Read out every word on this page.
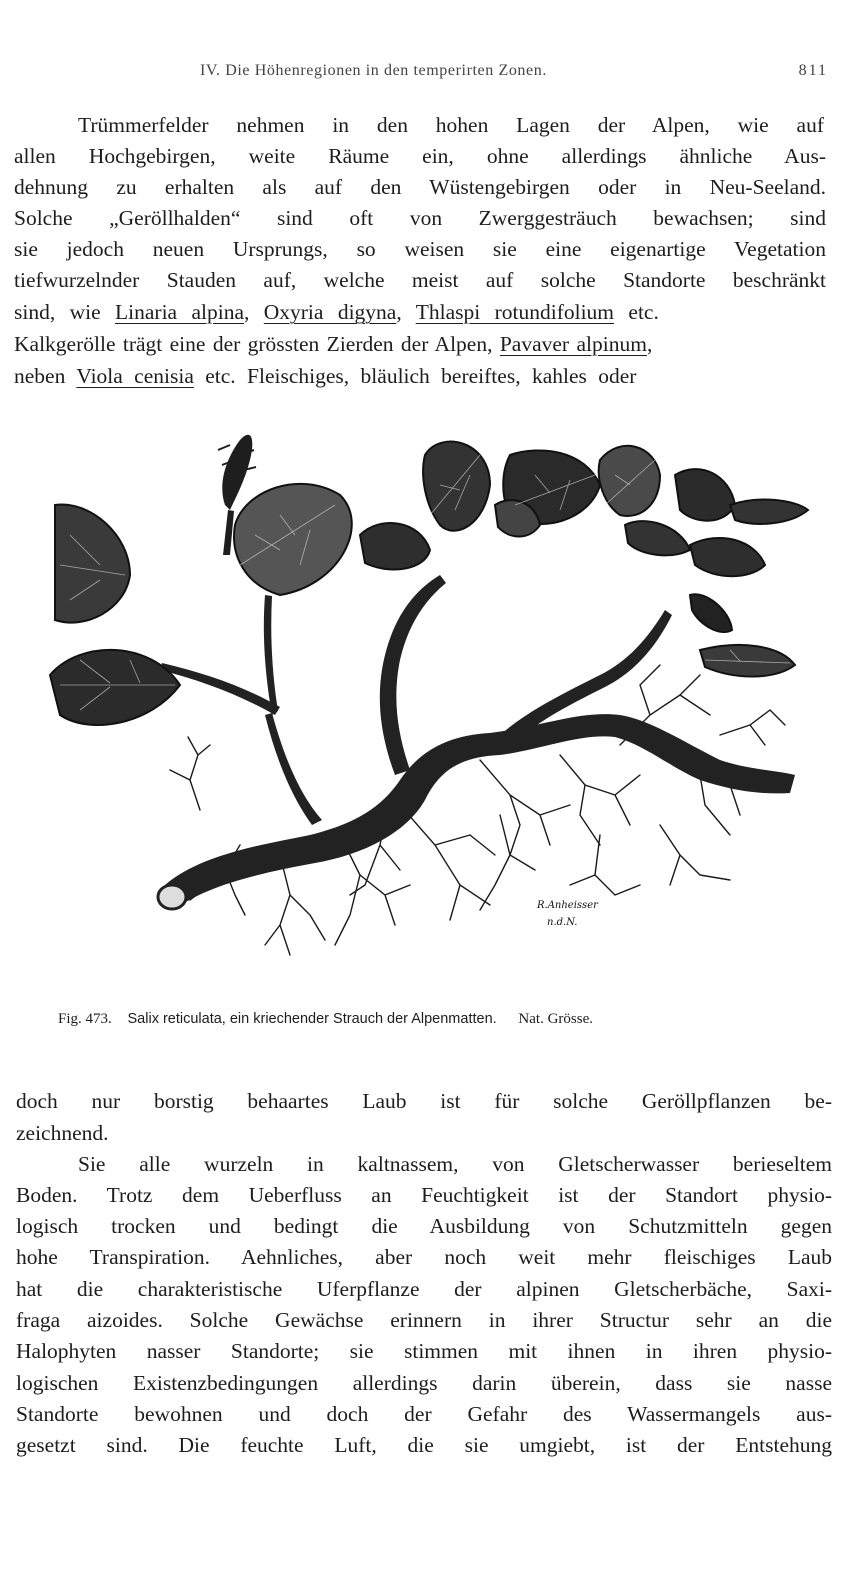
IV. Die Höhenregionen in den temperirten Zonen.	811
Trümmerfelder nehmen in den hohen Lagen der Alpen, wie auf
allen Hochgebirgen, weite Räume ein, ohne allerdings ähnliche Aus-
dehnung zu erhalten als auf den Wüstengebirgen oder in Neu-Seeland.
Solche „Geröllhalden“ sind oft von Zwerggesträuch bewachsen; sind
sie jedoch neuen Ursprungs, so weisen sie eine eigenartige Vegetation
tiefwurzelnder Stauden auf, welche meist auf solche Standorte beschränkt
sind, wie Linaria alpina, Oxyria digyna, Thlaspi rotundifolium etc.
Kalkgerölle trägt eine der grössten Zierden der Alpen, Pavaver alpinum,
neben Viola cenisia etc. Fleischiges, bläulich bereiftes, kahles oder
R.Anheisser
n.d.N.
Fig. 473. Salix reticulata, ein kriechender Strauch der Alpenmatten. Nat. Grösse.
doch nur borstig behaartes Laub ist für solche Geröllpflanzen be-
zeichnend.
Sie alle wurzeln in kaltnassem, von Gletscherwasser berieseltem
Boden. Trotz dem Ueberfluss an Feuchtigkeit ist der Standort physio-
logisch trocken und bedingt die Ausbildung von Schutzmitteln gegen
hohe Transpiration. Aehnliches, aber noch weit mehr fleischiges Laub
hat die charakteristische Uferpflanze der alpinen Gletscherbäche, Saxi-
fraga aizoides. Solche Gewächse erinnern in ihrer Structur sehr an die
Halophyten nasser Standorte; sie stimmen mit ihnen in ihren physio-
logischen Existenzbedingungen allerdings darin überein, dass sie nasse
Standorte bewohnen und doch der Gefahr des Wassermangels aus-
gesetzt sind. Die feuchte Luft, die sie umgiebt, ist der Entstehung
